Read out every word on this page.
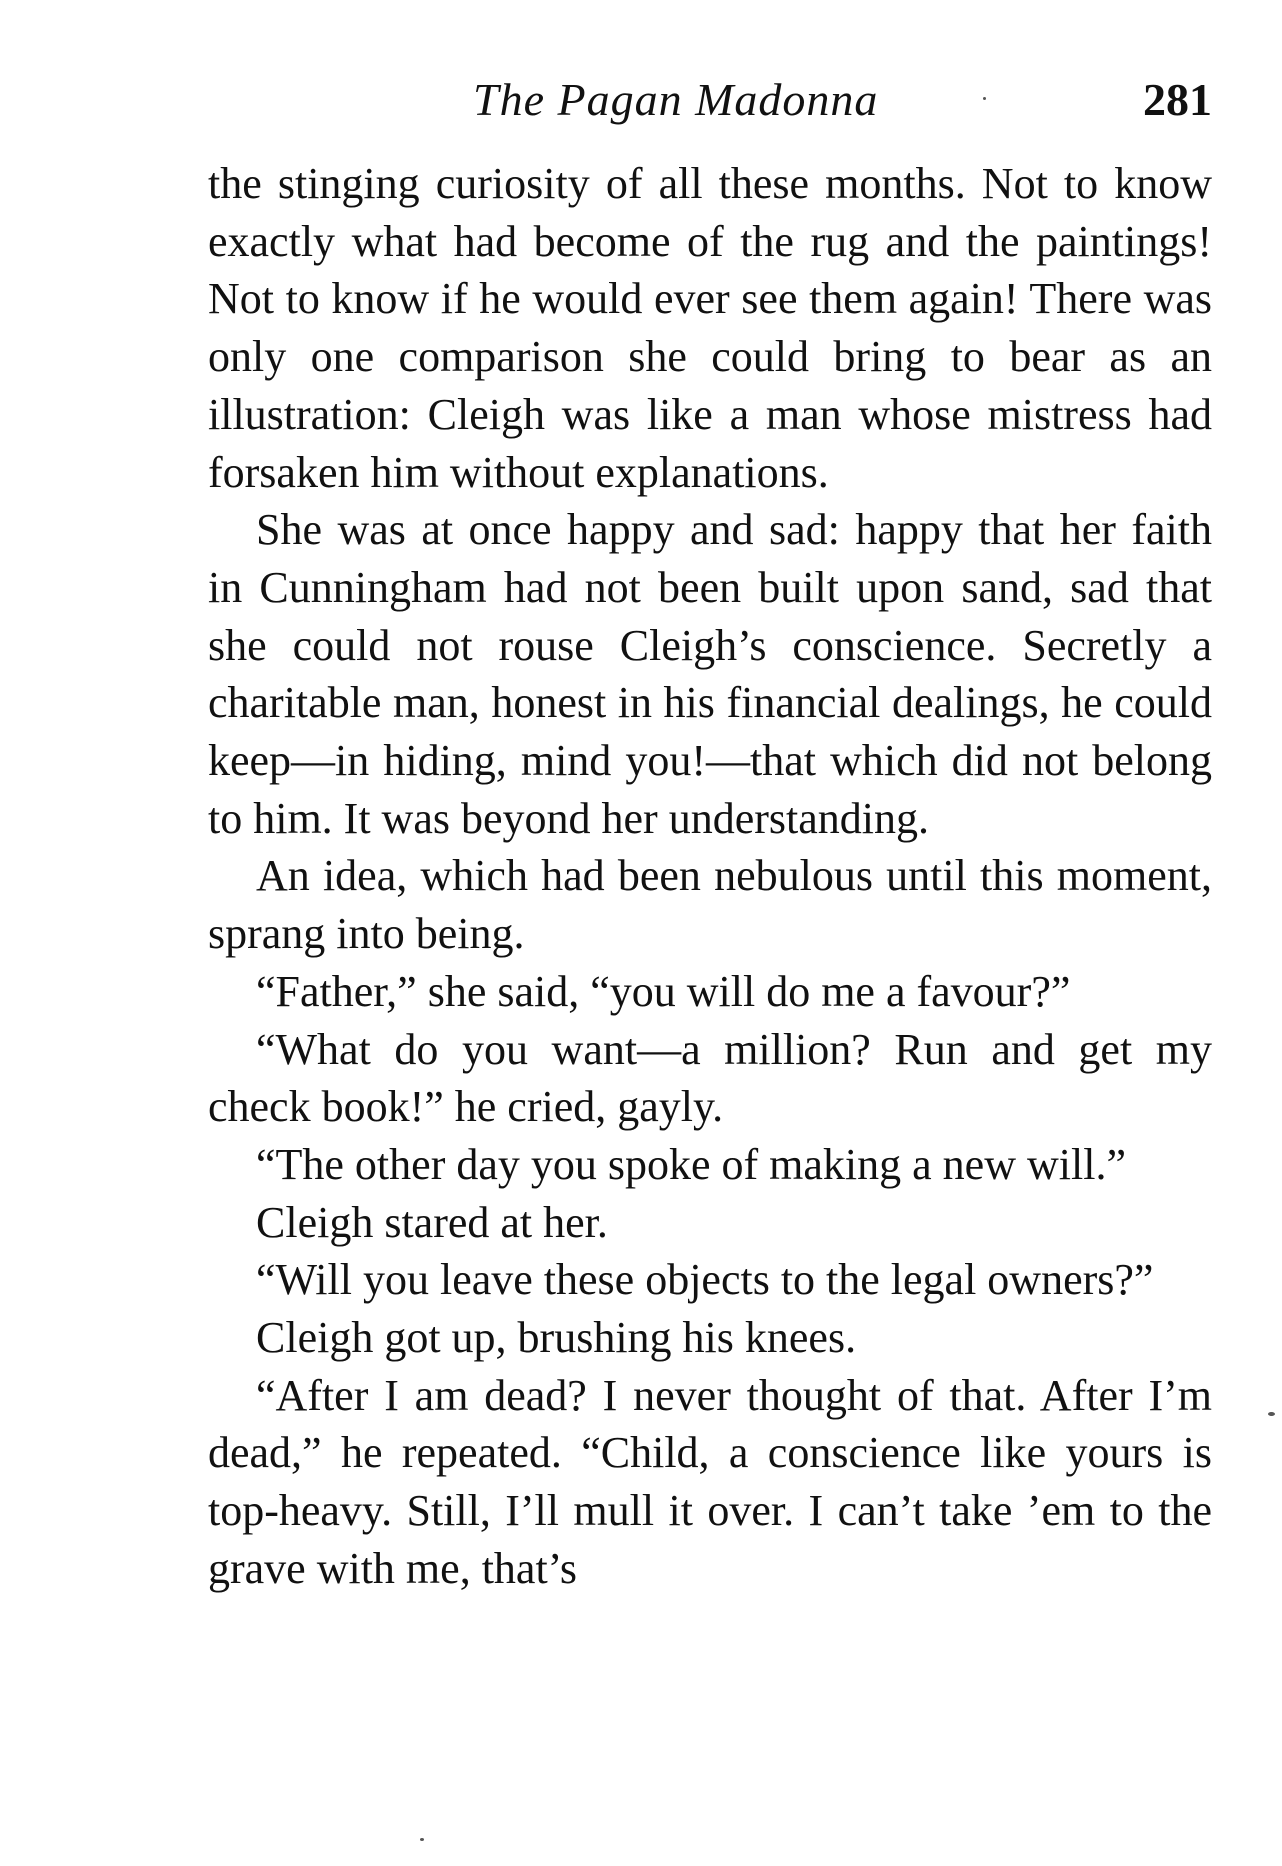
The Pagan Madonna	281

the stinging curiosity of all these months. Not to know exactly what had become of the rug and the paintings! Not to know if he would ever see them again! There was only one comparison she could bring to bear as an illustration: Cleigh was like a man whose mistress had forsaken him without explanations.

She was at once happy and sad: happy that her faith in Cunningham had not been built upon sand, sad that she could not rouse Cleigh’s conscience. Secretly a charitable man, honest in his financial dealings, he could keep—in hiding, mind you!—that which did not belong to him. It was beyond her understanding.

An idea, which had been nebulous until this moment, sprang into being.

“Father,” she said, “you will do me a favour?”

“What do you want—a million? Run and get my check book!” he cried, gayly.

“The other day you spoke of making a new will.”

Cleigh stared at her.

“Will you leave these objects to the legal owners?”

Cleigh got up, brushing his knees.

“After I am dead? I never thought of that. After I’m dead,” he repeated. “Child, a conscience like yours is top-heavy. Still, I’ll mull it over. I can’t take ’em to the grave with me, that’s
